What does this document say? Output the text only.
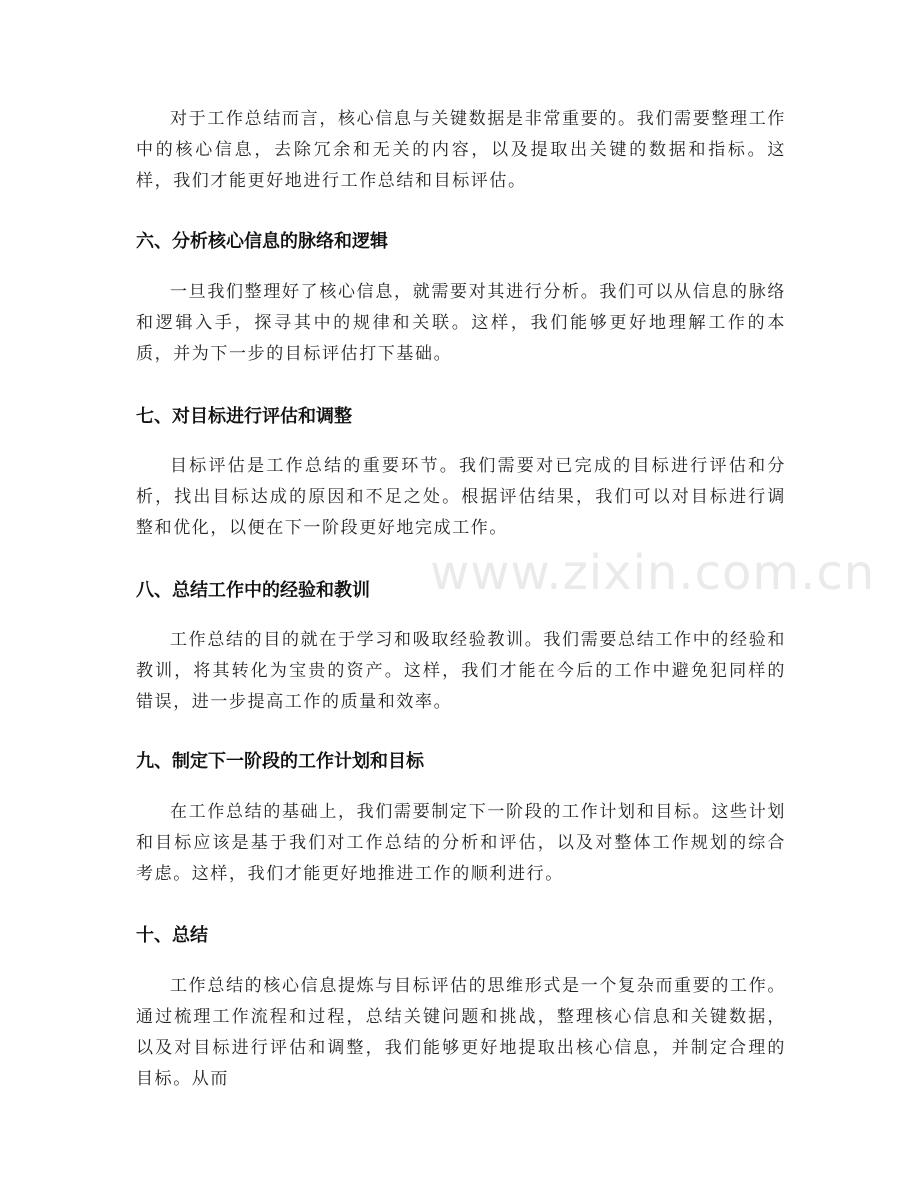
对于工作总结而言，核心信息与关键数据是非常重要的。我们需要整理工作中的核心信息，去除冗余和无关的内容，以及提取出关键的数据和指标。这样，我们才能更好地进行工作总结和目标评估。

六、分析核心信息的脉络和逻辑

一旦我们整理好了核心信息，就需要对其进行分析。我们可以从信息的脉络和逻辑入手，探寻其中的规律和关联。这样，我们能够更好地理解工作的本质，并为下一步的目标评估打下基础。

七、对目标进行评估和调整

目标评估是工作总结的重要环节。我们需要对已完成的目标进行评估和分析，找出目标达成的原因和不足之处。根据评估结果，我们可以对目标进行调整和优化，以便在下一阶段更好地完成工作。

八、总结工作中的经验和教训

工作总结的目的就在于学习和吸取经验教训。我们需要总结工作中的经验和教训，将其转化为宝贵的资产。这样，我们才能在今后的工作中避免犯同样的错误，进一步提高工作的质量和效率。

九、制定下一阶段的工作计划和目标

在工作总结的基础上，我们需要制定下一阶段的工作计划和目标。这些计划和目标应该是基于我们对工作总结的分析和评估，以及对整体工作规划的综合考虑。这样，我们才能更好地推进工作的顺利进行。

十、总结

工作总结的核心信息提炼与目标评估的思维形式是一个复杂而重要的工作。通过梳理工作流程和过程，总结关键问题和挑战，整理核心信息和关键数据，以及对目标进行评估和调整，我们能够更好地提取出核心信息，并制定合理的目标。从而

www.zixin.com.cn
